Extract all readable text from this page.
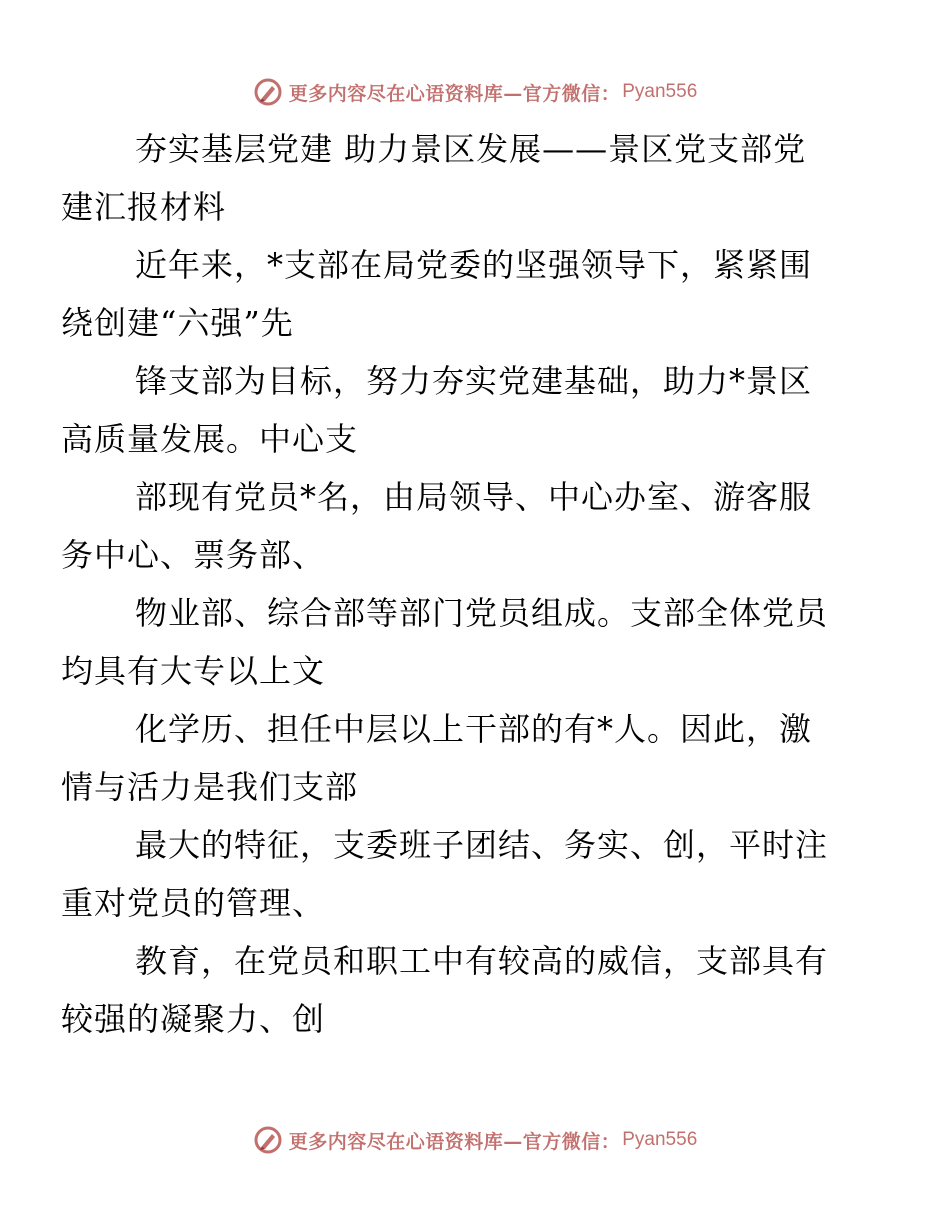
更多内容尽在心语资料库—官方微信： Pyan556

夯实基层党建 助力景区发展——景区党支部党
建汇报材料

近年来，*支部在局党委的坚强领导下，紧紧围
绕创建“六强”先

锋支部为目标，努力夯实党建基础，助力*景区
高质量发展。中心支

部现有党员*名，由局领导、中心办室、游客服
务中心、票务部、

物业部、综合部等部门党员组成。支部全体党员
均具有大专以上文

化学历、担任中层以上干部的有*人。因此，激
情与活力是我们支部

最大的特征，支委班子团结、务实、创，平时注
重对党员的管理、

教育，在党员和职工中有较高的威信，支部具有
较强的凝聚力、创

更多内容尽在心语资料库—官方微信： Pyan556
